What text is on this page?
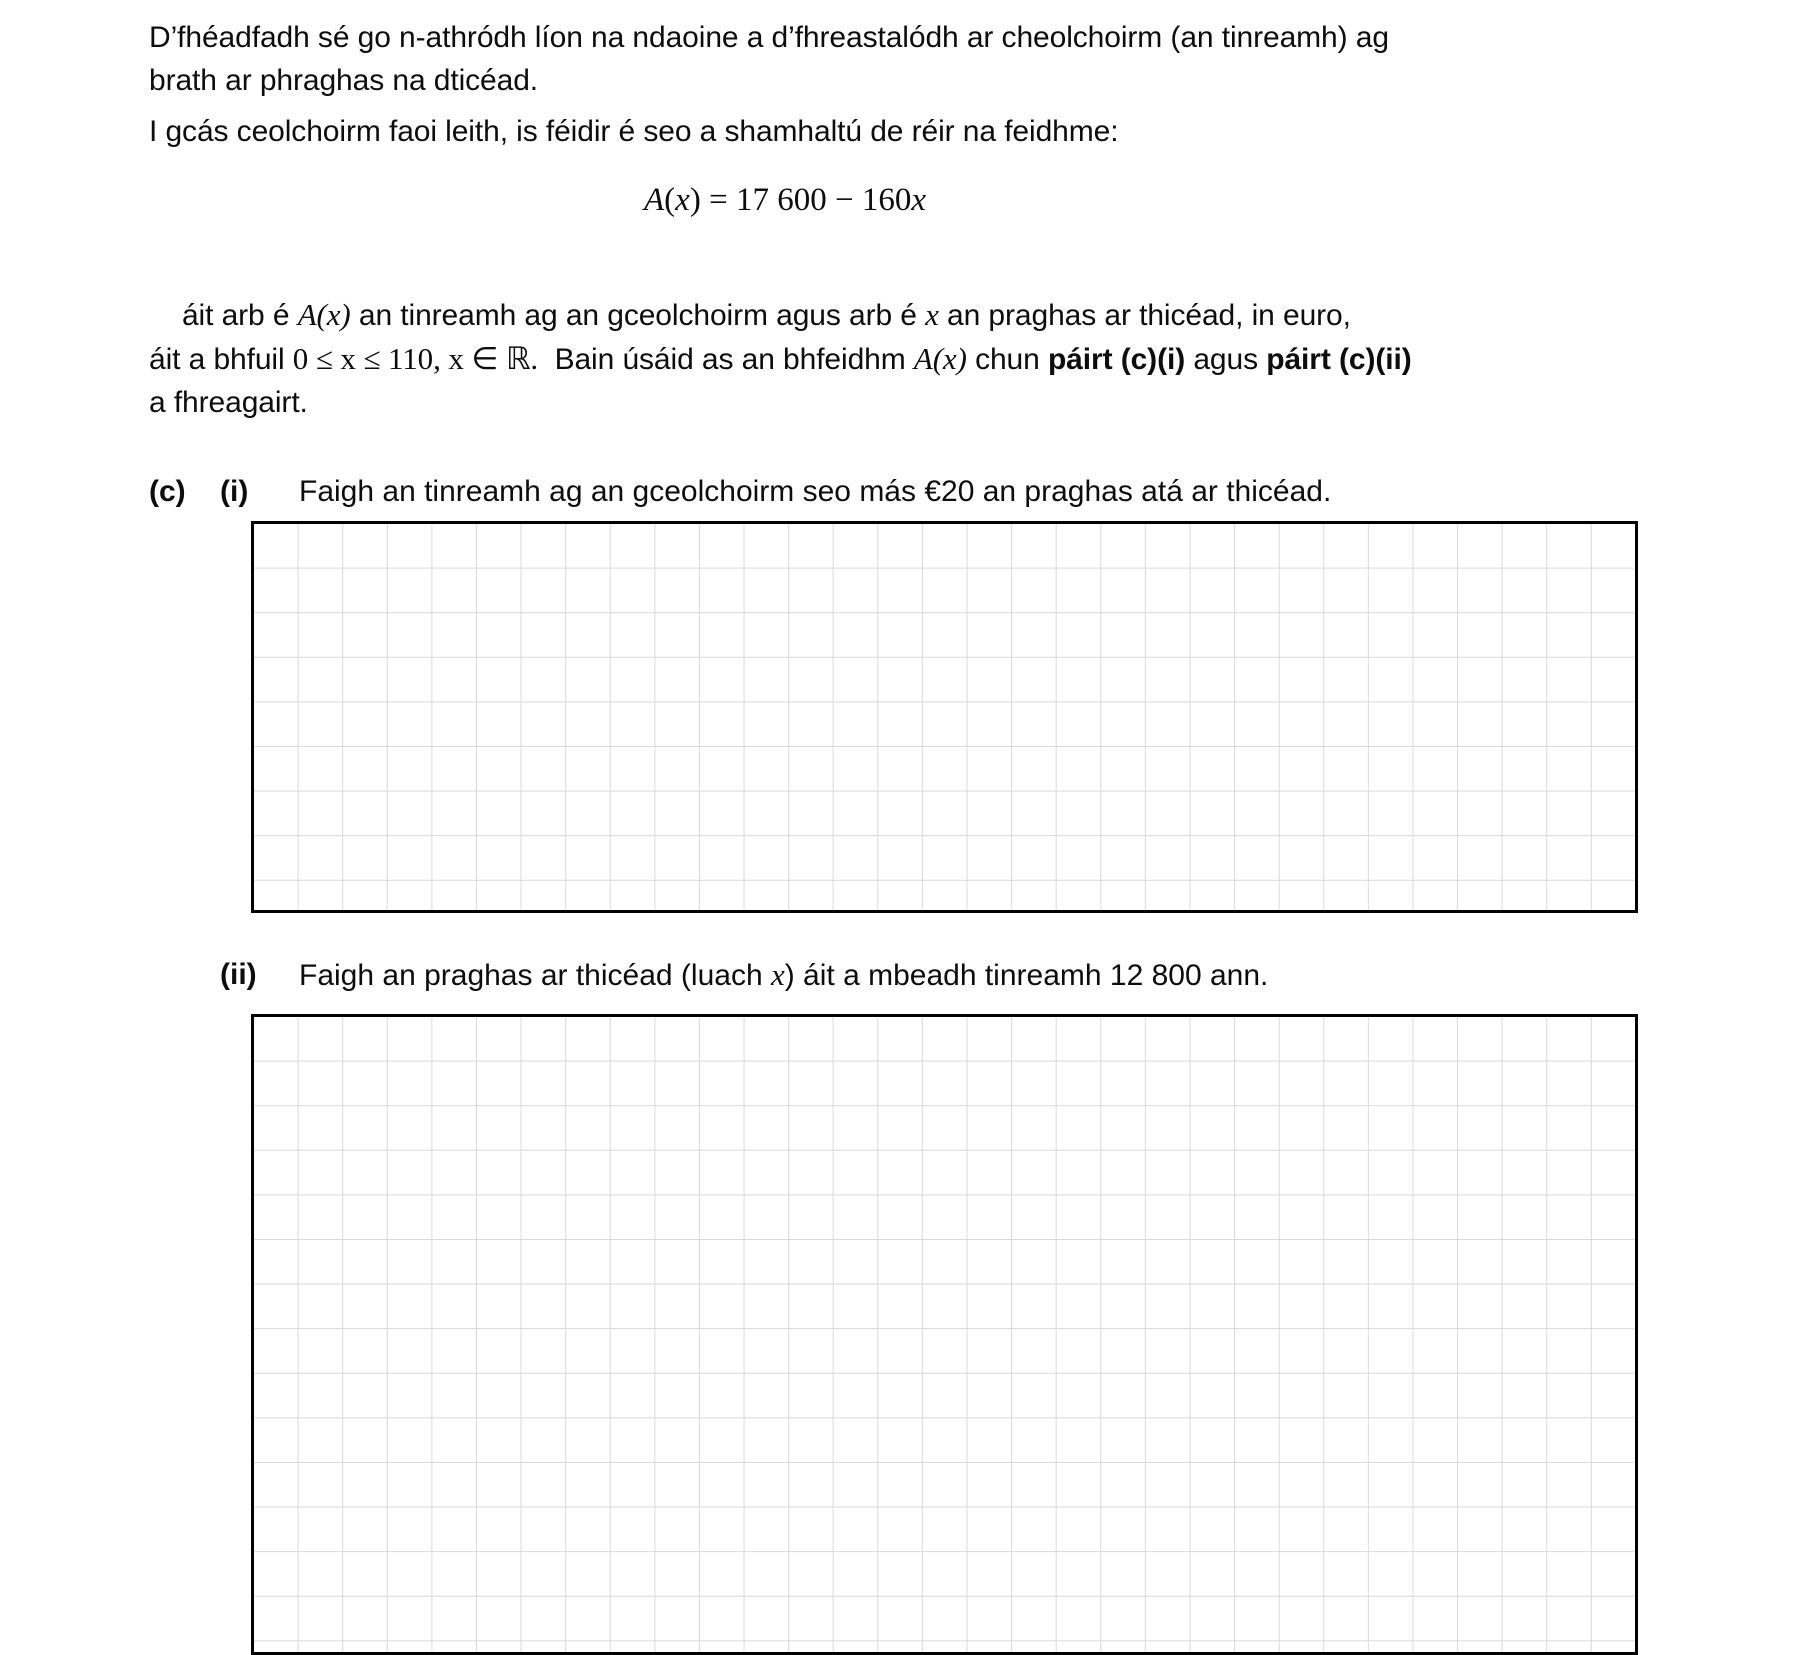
D’fhéadfadh sé go n-athródh líon na ndaoine a d’fhreastalódh ar cheolchoirm (an tinreamh) ag brath ar phraghas na dticéad.
I gcás ceolchoirm faoi leith, is féidir é seo a shamhaltú de réir na feidhme:
A(x) = 17 600 − 160x

áit arb é A(x) an tinreamh ag an gceolchoirm agus arb é x an praghas ar thicéad, in euro,
áit a bhfuil 0 ≤ x ≤ 110, x ∈ ℝ.  Bain úsáid as an bhfeidhm A(x) chun páirt (c)(i) agus páirt (c)(ii)
a fhreagairt.

(c) (i) Faigh an tinreamh ag an gceolchoirm seo más €20 an praghas atá ar thicéad.
(ii) Faigh an praghas ar thicéad (luach x) áit a mbeadh tinreamh 12 800 ann.
